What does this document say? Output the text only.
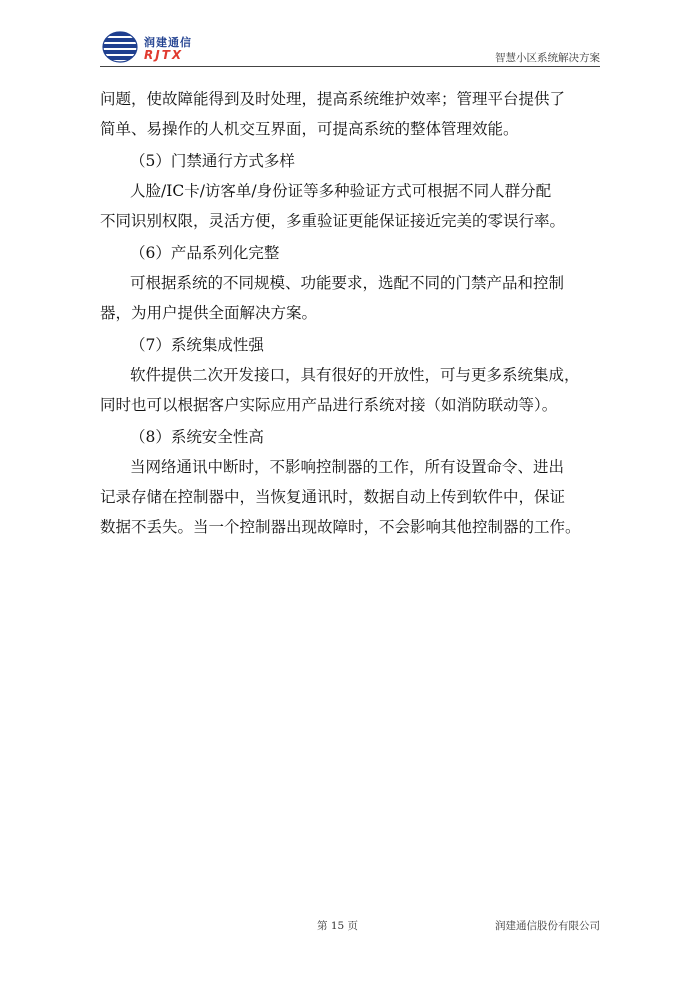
润建通信
RJTX	智慧小区系统解决方案

问题，使故障能得到及时处理，提高系统维护效率；管理平台提供了

简单、易操作的人机交互界面，可提高系统的整体管理效能。

（5）门禁通行方式多样

人脸/IC卡/访客单/身份证等多种验证方式可根据不同人群分配

不同识别权限，灵活方便，多重验证更能保证接近完美的零误行率。

（6）产品系列化完整

可根据系统的不同规模、功能要求，选配不同的门禁产品和控制

器，为用户提供全面解决方案。

（7）系统集成性强

软件提供二次开发接口，具有很好的开放性，可与更多系统集成，

同时也可以根据客户实际应用产品进行系统对接（如消防联动等）。

（8）系统安全性高

当网络通讯中断时，不影响控制器的工作，所有设置命令、进出

记录存储在控制器中，当恢复通讯时，数据自动上传到软件中，保证

数据不丢失。当一个控制器出现故障时，不会影响其他控制器的工作。

第 15 页	润建通信股份有限公司
